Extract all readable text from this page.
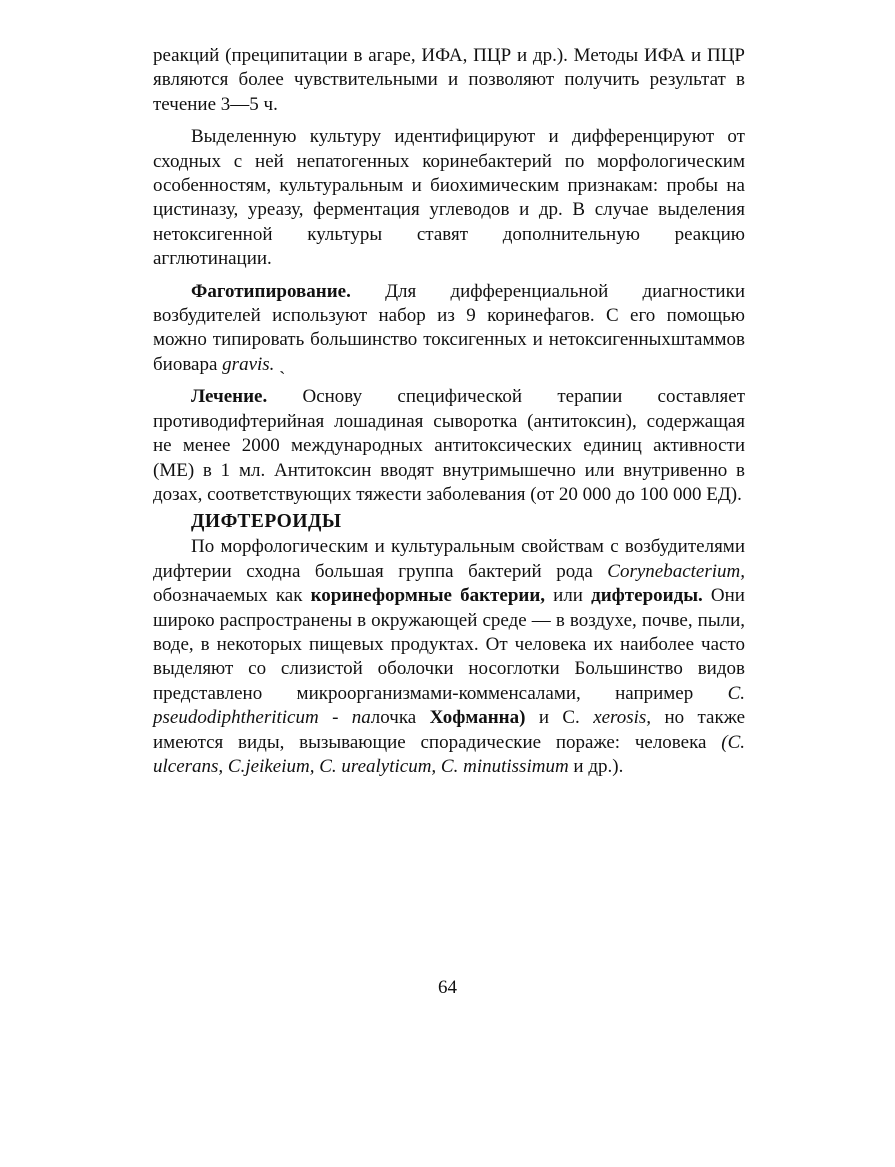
реакций (преципитации в агаре, ИФА, ПЦР и др.). Методы ИФА и ПЦР являются более чувствительными и позволяют получить результат в течение 3—5 ч.

Выделенную культуру идентифицируют и дифференцируют от сходных с ней непатогенных коринебактерий по морфологическим особенностям, культуральным и биохимическим признакам: пробы на цистиназу, уреазу, ферментация углеводов и др. В случае выделения нетоксигенной культуры ставят дополнительную реакцию агглютинации.

Фаготипирование. Для дифференциальной диагностики возбудителей используют набор из 9 коринефагов. С его помощью можно типировать большинство токсигенных и нетоксигенныхштаммов биовара gravis. ˎ

Лечение. Основу специфической терапии составляет противодифтерийная лошадиная сыворотка (антитоксин), содержащая не менее 2000 международных антитоксических единиц активности (МЕ) в 1 мл. Антитоксин вводят внутримышечно или внутривенно в дозах, соответствующих тяжести заболевания (от 20 000 до 100 000 ЕД).

ДИФТЕРОИДЫ

По морфологическим и культуральным свойствам с возбудителями дифтерии сходна большая группа бактерий рода Corynebacterium, обозначаемых как коринеформные бактерии, или дифтероиды. Они широко распространены в окружающей среде — в воздухе, почве, пыли, воде, в некоторых пищевых продуктах. От человека их наиболее часто выделяют со слизистой оболочки носоглотки Большинство видов представлено микроорганизмами-комменсалами, например C. pseudodiphtheriticum - палочка Хофманна) и С. xerosis, но также имеются виды, вызывающие спорадические пораже: человека (C. ulcerans, C.jeikeium, C. urealyticum, C. minutissimum и др.).

64
